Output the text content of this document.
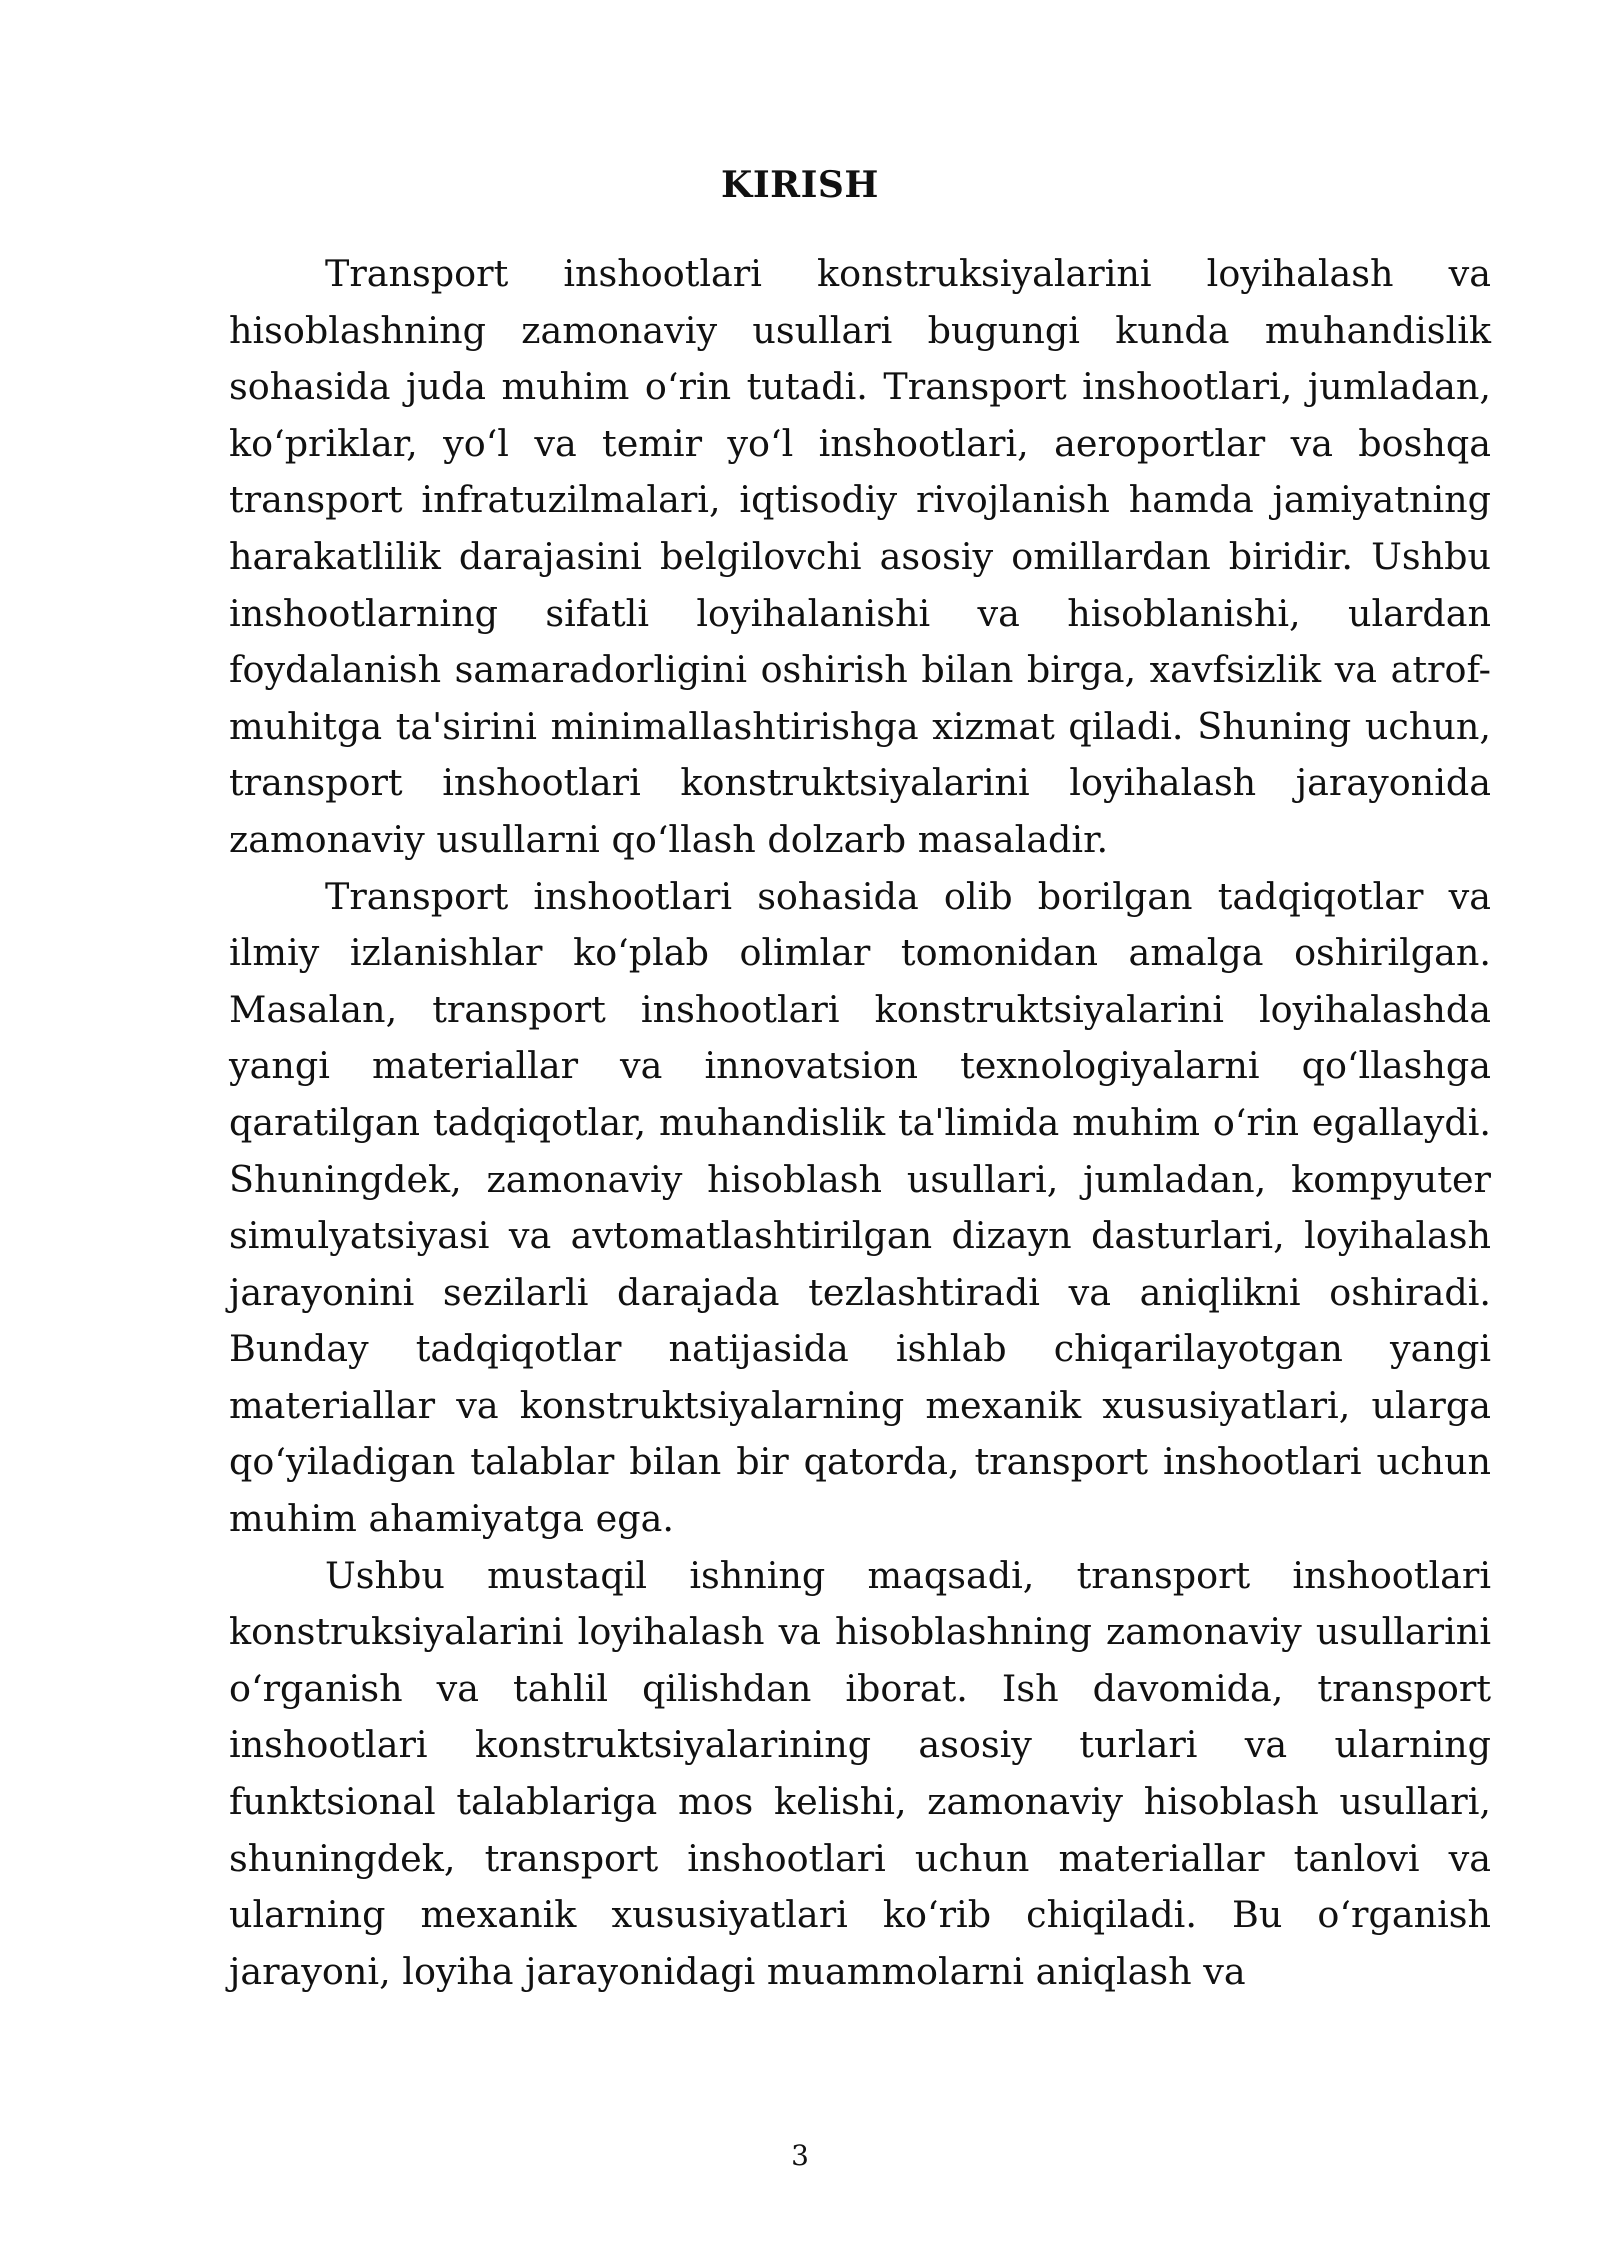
KIRISH

Transport inshootlari konstruksiyalarini loyihalash va hisoblashning zamonaviy usullari bugungi kunda muhandislik sohasida juda muhim o‘rin tutadi. Transport inshootlari, jumladan, ko‘priklar, yo‘l va temir yo‘l inshootlari, aeroportlar va boshqa transport infratuzilmalari, iqtisodiy rivojlanish hamda jamiyatning harakatlilik darajasini belgilovchi asosiy omillardan biridir. Ushbu inshootlarning sifatli loyihalanishi va hisoblanishi, ulardan foydalanish samaradorligini oshirish bilan birga, xavfsizlik va atrof-muhitga ta'sirini minimallashtirishga xizmat qiladi. Shuning uchun, transport inshootlari konstruktsiyalarini loyihalash jarayonida zamonaviy usullarni qo‘llash dolzarb masaladir.

Transport inshootlari sohasida olib borilgan tadqiqotlar va ilmiy izlanishlar ko‘plab olimlar tomonidan amalga oshirilgan. Masalan, transport inshootlari konstruktsiyalarini loyihalashda yangi materiallar va innovatsion texnologiyalarni qo‘llashga qaratilgan tadqiqotlar, muhandislik ta'limida muhim o‘rin egallaydi. Shuningdek, zamonaviy hisoblash usullari, jumladan, kompyuter simulyatsiyasi va avtomatlashtirilgan dizayn dasturlari, loyihalash jarayonini sezilarli darajada tezlashtiradi va aniqlikni oshiradi. Bunday tadqiqotlar natijasida ishlab chiqarilayotgan yangi materiallar va konstruktsiyalarning mexanik xususiyatlari, ularga qo‘yiladigan talablar bilan bir qatorda, transport inshootlari uchun muhim ahamiyatga ega.

Ushbu mustaqil ishning maqsadi, transport inshootlari konstruksiyalarini loyihalash va hisoblashning zamonaviy usullarini o‘rganish va tahlil qilishdan iborat. Ish davomida, transport inshootlari konstruktsiyalarining asosiy turlari va ularning funktsional talablariga mos kelishi, zamonaviy hisoblash usullari, shuningdek, transport inshootlari uchun materiallar tanlovi va ularning mexanik xususiyatlari ko‘rib chiqiladi. Bu o‘rganish jarayoni, loyiha jarayonidagi muammolarni aniqlash va

3
